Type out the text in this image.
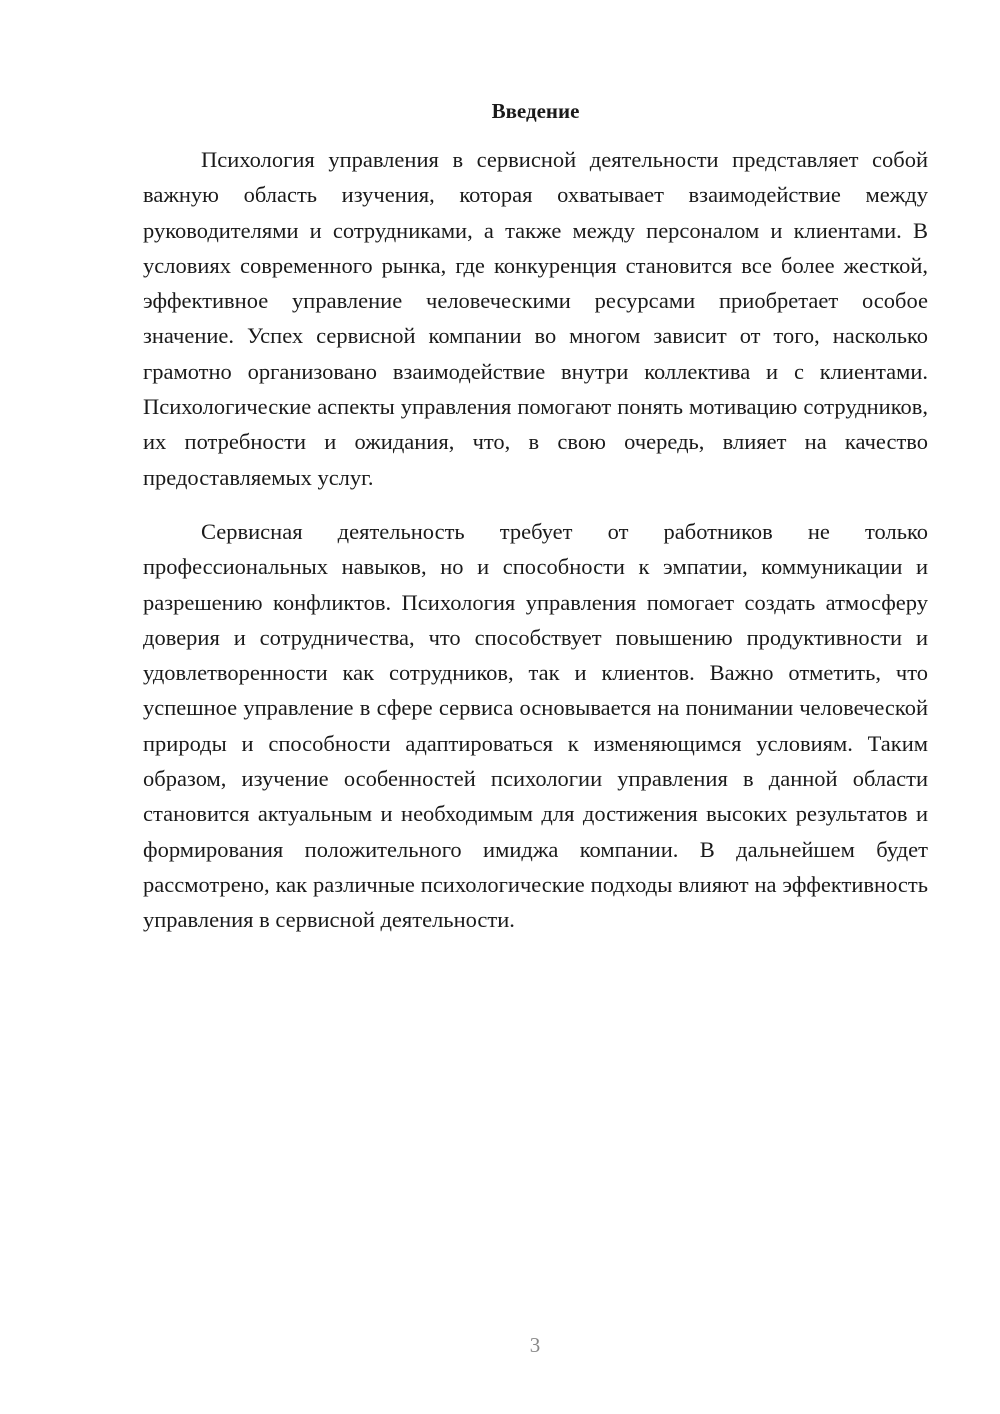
Введение

Психология управления в сервисной деятельности представляет собой важную область изучения, которая охватывает взаимодействие между руководителями и сотрудниками, а также между персоналом и клиентами. В условиях современного рынка, где конкуренция становится все более жесткой, эффективное управление человеческими ресурсами приобретает особое значение. Успех сервисной компании во многом зависит от того, насколько грамотно организовано взаимодействие внутри коллектива и с клиентами. Психологические аспекты управления помогают понять мотивацию сотрудников, их потребности и ожидания, что, в свою очередь, влияет на качество предоставляемых услуг.

Сервисная деятельность требует от работников не только профессиональных навыков, но и способности к эмпатии, коммуникации и разрешению конфликтов. Психология управления помогает создать атмосферу доверия и сотрудничества, что способствует повышению продуктивности и удовлетворенности как сотрудников, так и клиентов. Важно отметить, что успешное управление в сфере сервиса основывается на понимании человеческой природы и способности адаптироваться к изменяющимся условиям. Таким образом, изучение особенностей психологии управления в данной области становится актуальным и необходимым для достижения высоких результатов и формирования положительного имиджа компании. В дальнейшем будет рассмотрено, как различные психологические подходы влияют на эффективность управления в сервисной деятельности.

3
